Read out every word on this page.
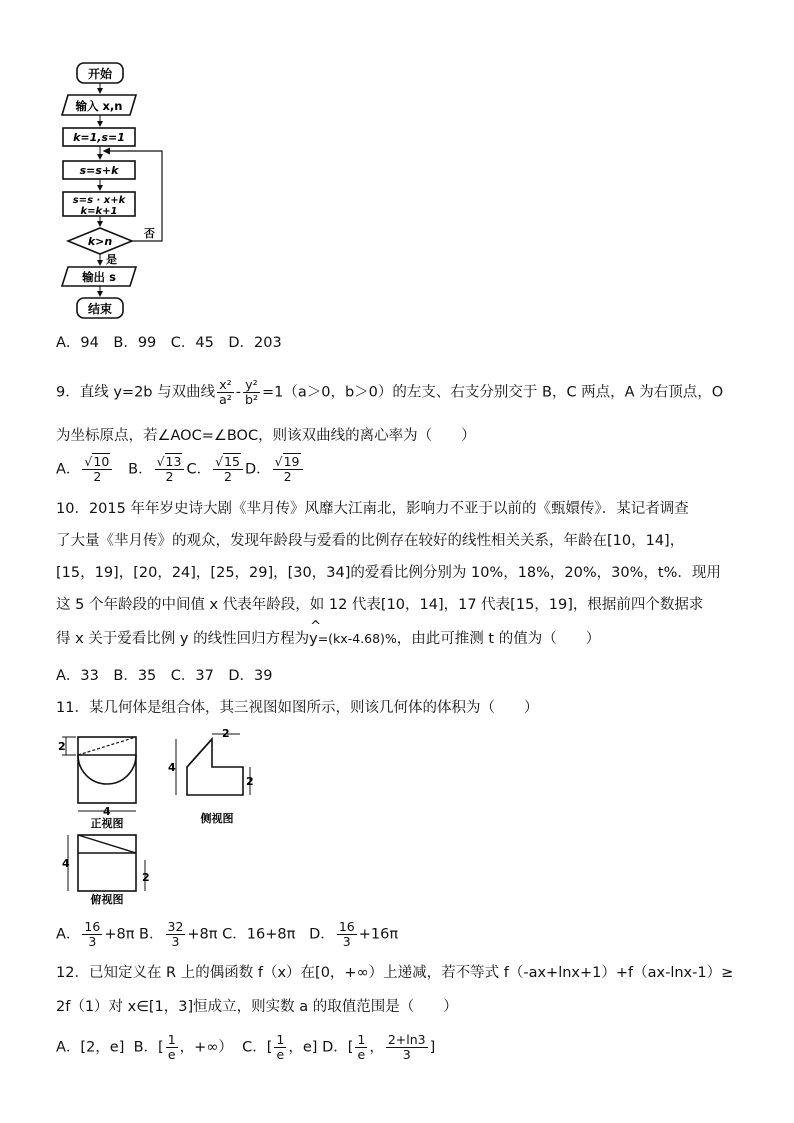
开始
输入 x,n
k=1,s=1
s=s+k
s=s · x+k
k=k+1
k>n
否
是
输出 s
结束
A．94　B．99　C．45　D．203
9．直线 y=2b 与双曲线 $\frac{\text{x²}}{\text{a²}} - \frac{\text{y²}}{\text{b²}} =1(a>0$，b＞0）的左支、右支分别交于 B，C 两点，A 为右顶点，O
为坐标原点，若∠AOC=∠BOC，则该双曲线的离心率为（　　）
A． $\frac{√10}{2}$ B． $\frac{√13}{2}$ C． $\frac{√15}{2}$ D． $\frac{√19}{2}$
10．2015 年年岁史诗大剧《芈月传》风靡大江南北，影响力不亚于以前的《甄嬛传》．某记者调查
了大量《芈月传》的观众，发现年龄段与爱看的比例存在较好的线性相关关系，年龄在[10，14]，
[15，19]，[20，24]，[25，29]，[30，34]的爱看比例分别为 10%，18%，20%，30%，t%．现用
这 5 个年龄段的中间值 x 代表年龄段，如 12 代表[10，14]，17 代表[15，19]，根据前四个数据求
得 x 关于爱看比例 y 的线性回归方程为^ y=(kx-4.68)%，由此可推测 t 的值为（　　）
A．33　B．35　C．37　D．39
11．某几何体是组合体，其三视图如图所示，则该几何体的体积为（　　）
2
4
正视图
2
4
2
侧视图
4
2
俯视图
A． $\frac{16}{3} +8\pi$ B． $\frac{32}{3} +8\pi$ C．16+8π D． $\frac{16}{3} +16\pi$
12．已知定义在 R 上的偶函数 f（x）在[0，+∞）上递减，若不等式 f（-ax+lnx+1）+f（ax-lnx-1）≥
2f（1）对 x∈[1，3]恒成立，则实数 a 的取值范围是（　　）
A．[2，e] B．[ $\frac{1}{e}$ ，+∞） C．[ $\frac{1}{e}$ ，e] D．[ $\frac{1}{e}$ ， $\frac{2+\ln 3}{3}$ ]
